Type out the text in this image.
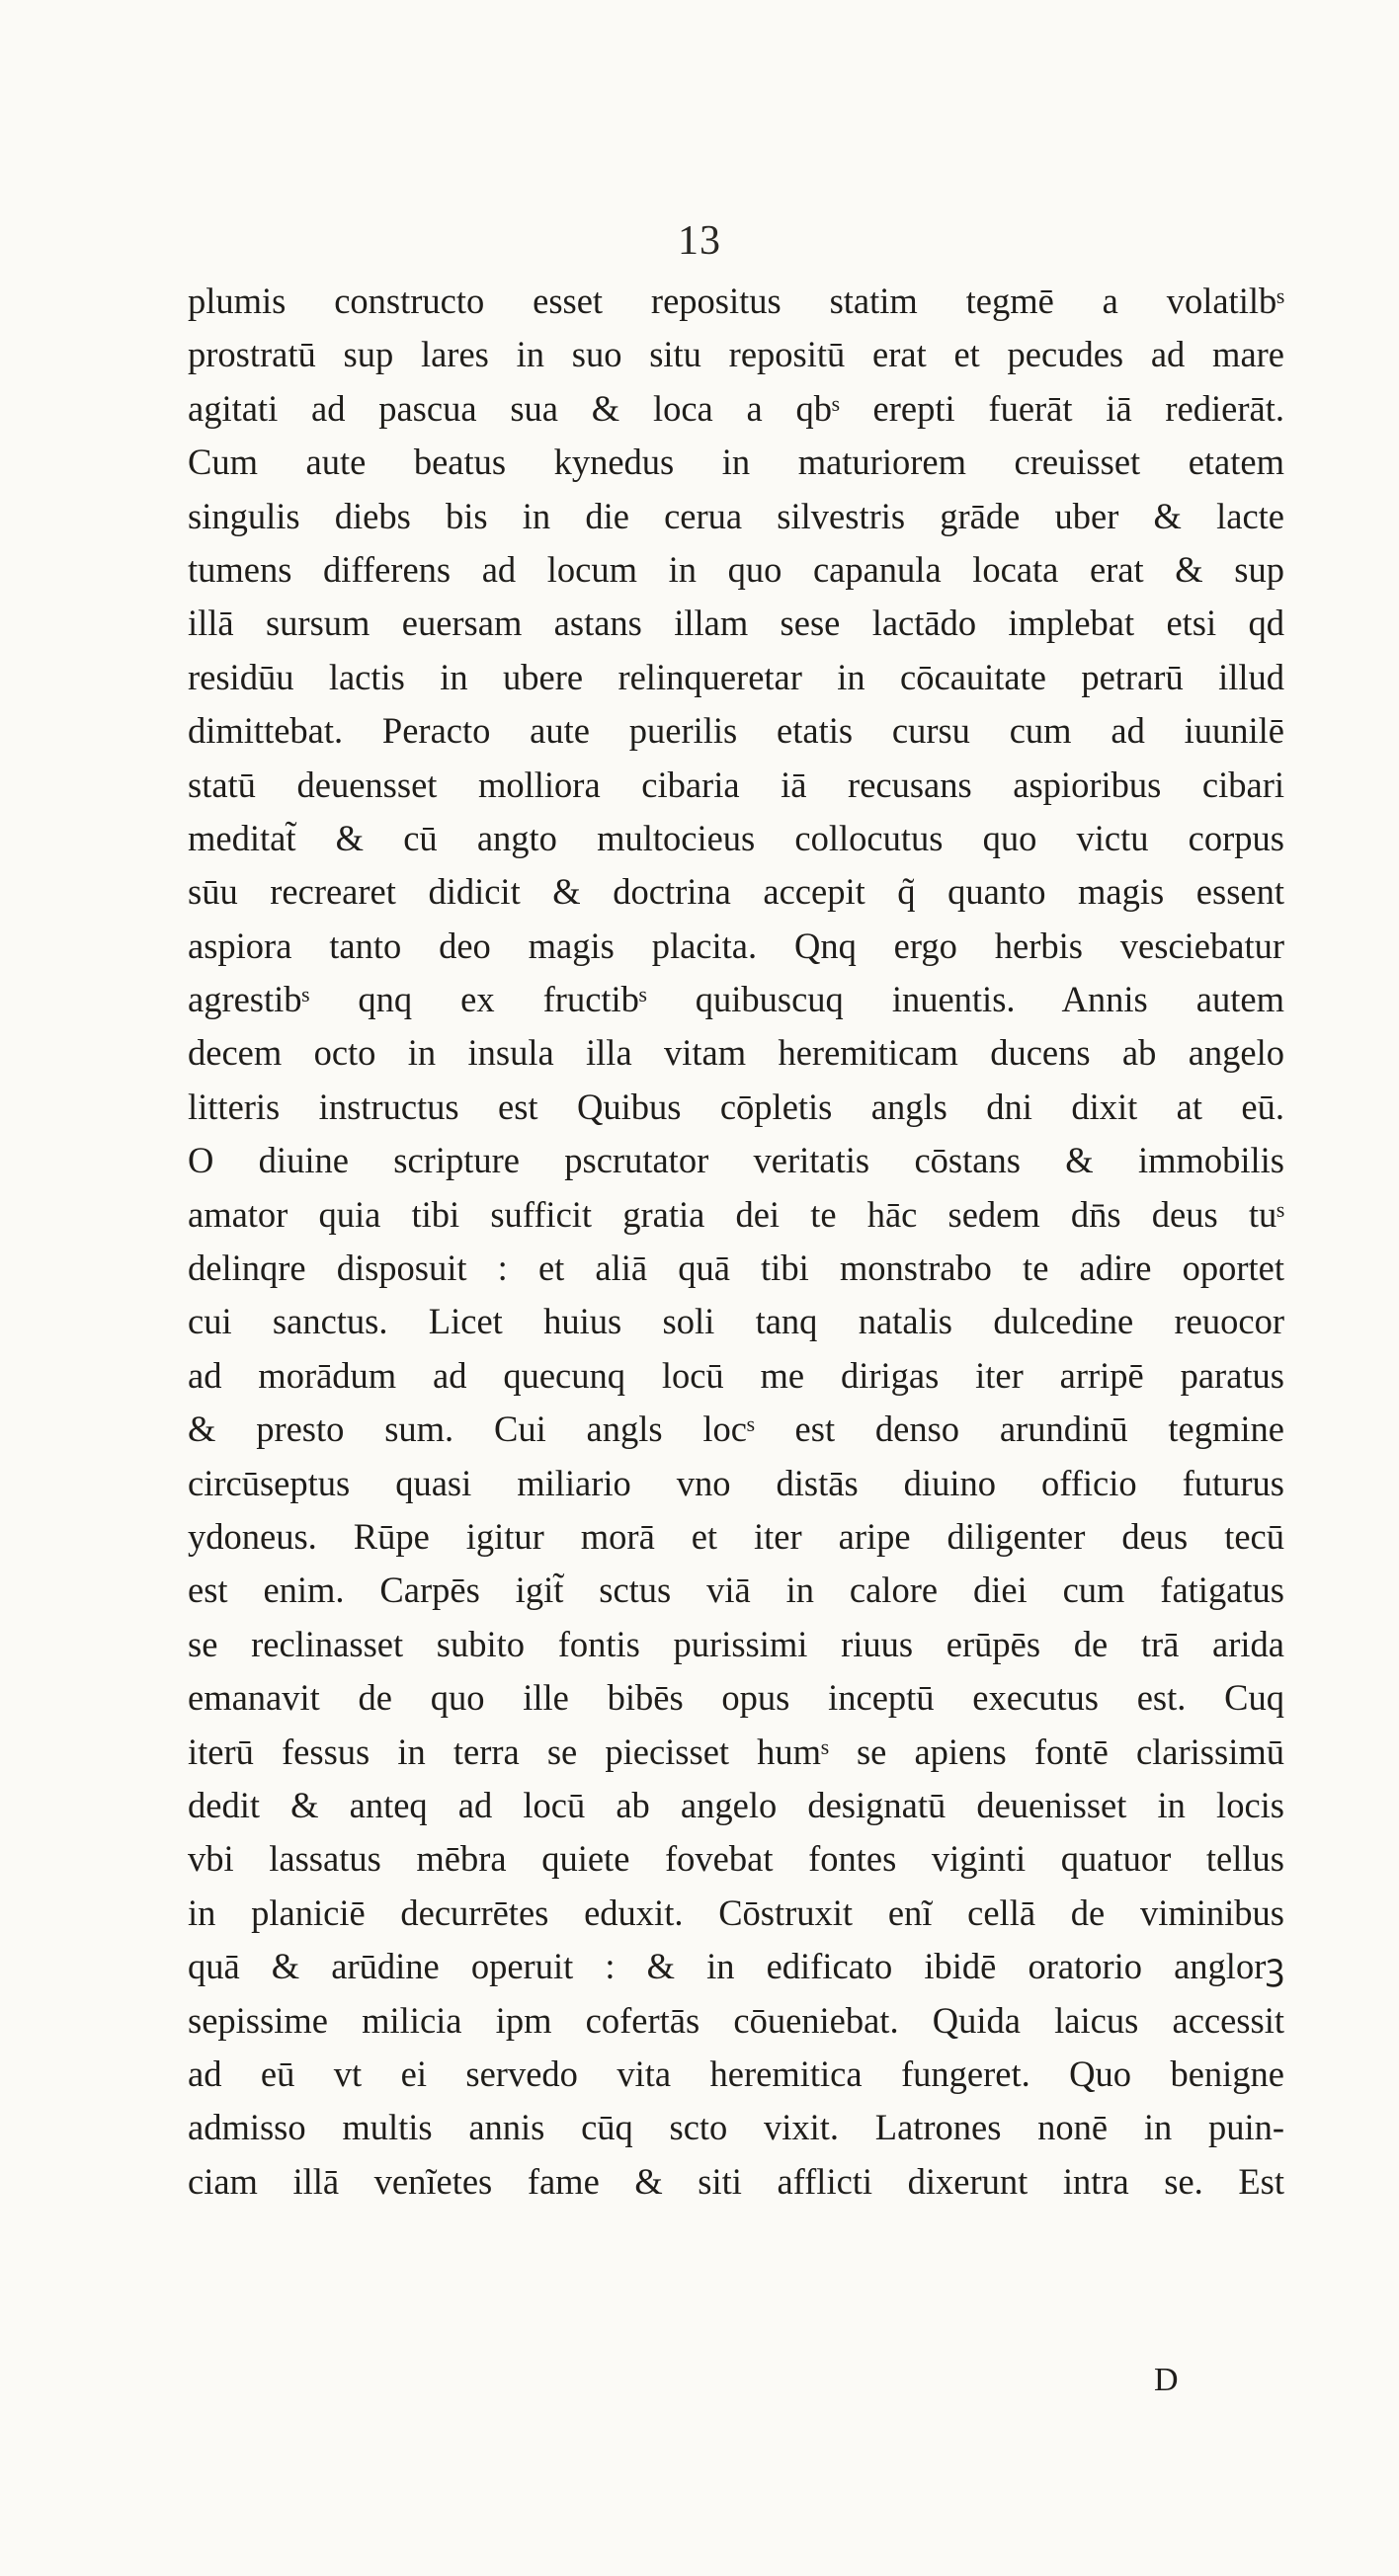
13
plumis constructo esset repositus statim tegmē a volatilbˢ
prostratū sup lares in suo situ repositū erat et pecudes ad mare
agitati ad pascua sua & loca a qbˢ erepti fuerāt iā redierāt.
Cum aute beatus kynedus in maturiorem creuisset etatem
singulis diebs bis in die cerua silvestris grāde uber & lacte
tumens differens ad locum in quo capanula locata erat & sup
illā sursum euersam astans illam sese lactādo implebat etsi qd
residūu lactis in ubere relinqueretar in cōcauitate petrarū illud
dimittebat. Peracto aute puerilis etatis cursu cum ad iuunilē
statū deuensset molliora cibaria iā recusans aspioribus cibari
meditat̃ & cū angto multocieus collocutus quo victu corpus
sūu recrearet didicit & doctrina accepit q̃ quanto magis essent
aspiora tanto deo magis placita. Qnq ergo herbis vesciebatur
agrestibˢ qnq ex fructibˢ quibuscuq inuentis. Annis autem
decem octo in insula illa vitam heremiticam ducens ab angelo
litteris instructus est Quibus cōpletis angls dni dixit at eū.
O diuine scripture pscrutator veritatis cōstans & immobilis
amator quia tibi sufficit gratia dei te hāc sedem dn̄s deus tuˢ
delinqre disposuit : et aliā quā tibi monstrabo te adire oportet
cui sanctus. Licet huius soli tanq natalis dulcedine reuocor
ad morādum ad quecunq locū me dirigas iter arripē paratus
& presto sum. Cui angls locˢ est denso arundinū tegmine
circūseptus quasi miliario vno distās diuino officio futurus
ydoneus. Rūpe igitur morā et iter aripe diligenter deus tecū
est enim. Carpēs igit̃ sctus viā in calore diei cum fatigatus
se reclinasset subito fontis purissimi riuus erūpēs de trā arida
emanavit de quo ille bibēs opus inceptū executus est. Cuq
iterū fessus in terra se piecisset humˢ se apiens fontē clarissimū
dedit & anteq ad locū ab angelo designatū deuenisset in locis
vbi lassatus mēbra quiete fovebat fontes viginti quatuor tellus
in planiciē decurrētes eduxit. Cōstruxit enĩ cellā de viminibus
quā & arūdine operuit : & in edificato ibidē oratorio anglorꝫ
sepissime milicia ipm cofertās cōueniebat. Quida laicus accessit
ad eū vt ei servedo vita heremitica fungeret. Quo benigne
admisso multis annis cūq scto vixit. Latrones nonē in puin-
ciam illā venĩetes fame & siti afflicti dixerunt intra se. Est
D
